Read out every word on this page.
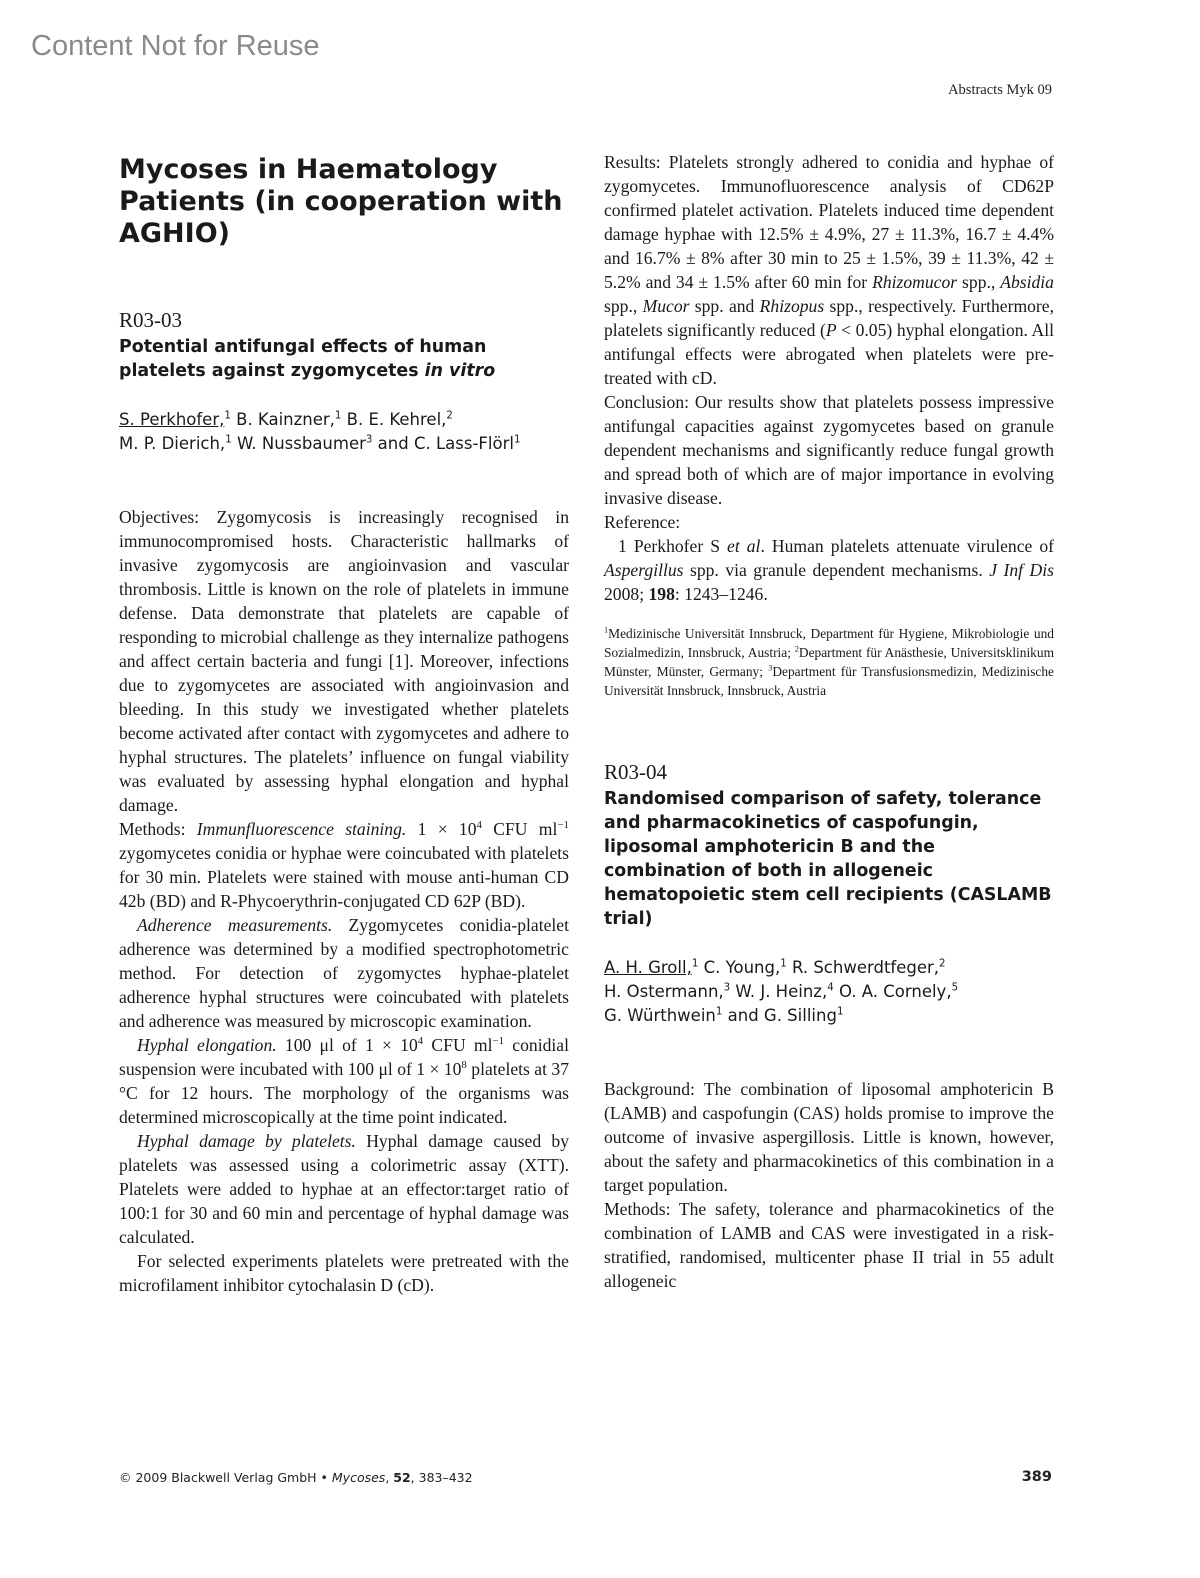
Content Not for Reuse
Abstracts Myk 09
Mycoses in Haematology Patients (in cooperation with AGHIO)

R03-03

Potential antifungal effects of human platelets against zygomycetes in vitro

S. Perkhofer,$^1$ B. Kainzner,$^1$ B. E. Kehrel,$^2$
M. P. Dierich,$^1$ W. Nussbaumer$^3$ and C. Lass-Flörl$^1$

Objectives: Zygomycosis is increasingly recognised in immunocompromised hosts. Characteristic hallmarks of invasive zygomycosis are angioinvasion and vascular thrombosis. Little is known on the role of platelets in immune defense. Data demonstrate that platelets are capable of responding to microbial challenge as they internalize pathogens and affect certain bacteria and fungi [1]. Moreover, infections due to zygomycetes are associated with angioinvasion and bleeding. In this study we investigated whether platelets become activated after contact with zygomycetes and adhere to hyphal structures. The platelets’ influence on fungal viability was evaluated by assessing hyphal elongation and hyphal damage.

Methods: Immunfluorescence staining. $1 \times 10^4$ CFU $ml^{-1}$ zygomycetes conidia or hyphae were coincubated with platelets for 30 min. Platelets were stained with mouse anti-human CD 42b (BD) and R-Phycoerythrin-conjugated CD 62P (BD).

Adherence measurements. Zygomycetes conidia-platelet adherence was determined by a modified spectrophotometric method. For detection of zygomyctes hyphae-platelet adherence hyphal structures were coincubated with platelets and adherence was measured by microscopic examination.

Hyphal elongation. 100 μl of $1 \times 10^4$ CFU $ml^{-1}$ conidial suspension were incubated with 100 μl of $1 \times 10^8$ platelets at 37 °C for 12 hours. The morphology of the organisms was determined microscopically at the time point indicated.

Hyphal damage by platelets. Hyphal damage caused by platelets was assessed using a colorimetric assay (XTT). Platelets were added to hyphae at an effector:target ratio of 100:1 for 30 and 60 min and percentage of hyphal damage was calculated.

For selected experiments platelets were pretreated with the microfilament inhibitor cytochalasin D (cD).

Results: Platelets strongly adhered to conidia and hyphae of zygomycetes. Immunofluorescence analysis of CD62P confirmed platelet activation. Platelets induced time dependent damage hyphae with 12.5% ± 4.9%, 27 ± 11.3%, 16.7 ± 4.4% and 16.7% ± 8% after 30 min to 25 ± 1.5%, 39 ± 11.3%, 42 ± 5.2% and 34 ± 1.5% after 60 min for Rhizomucor spp., Absidia spp., Mucor spp. and Rhizopus spp., respectively. Furthermore, platelets significantly reduced (P < 0.05) hyphal elongation. All antifungal effects were abrogated when platelets were pre-treated with cD.

Conclusion: Our results show that platelets possess impressive antifungal capacities against zygomycetes based on granule dependent mechanisms and significantly reduce fungal growth and spread both of which are of major importance in evolving invasive disease.

Reference:

1 Perkhofer S et al. Human platelets attenuate virulence of Aspergillus spp. via granule dependent mechanisms. J Inf Dis 2008; 198: 1243–1246.

$^1$Medizinische Universität Innsbruck, Department für Hygiene, Mikrobiologie und Sozialmedizin, Innsbruck, Austria; $^2$Department für Anästhesie, Universitsklinikum Münster, Münster, Germany; $^3$Department für Transfusionsmedizin, Medizinische Universität Innsbruck, Innsbruck, Austria

R03-04

Randomised comparison of safety, tolerance and pharmacokinetics of caspofungin, liposomal amphotericin B and the combination of both in allogeneic hematopoietic stem cell recipients (CASLAMB trial)

A. H. Groll,$^1$ C. Young,$^1$ R. Schwerdtfeger,$^2$
H. Ostermann,$^3$ W. J. Heinz,$^4$ O. A. Cornely,$^5$
G. Würthwein$^1$ and G. Silling$^1$

Background: The combination of liposomal amphotericin B (LAMB) and caspofungin (CAS) holds promise to improve the outcome of invasive aspergillosis. Little is known, however, about the safety and pharmacokinetics of this combination in a target population.

Methods: The safety, tolerance and pharmacokinetics of the combination of LAMB and CAS were investigated in a risk-stratified, randomised, multicenter phase II trial in 55 adult allogeneic

© 2009 Blackwell Verlag GmbH • Mycoses, 52, 383–432	389
